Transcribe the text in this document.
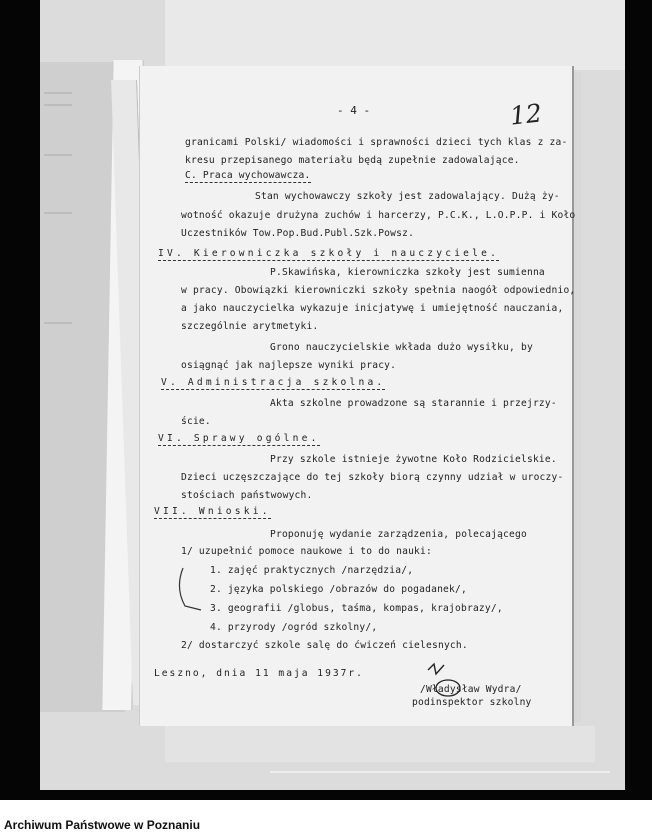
- 4 -	12
granicami Polski/ wiadomości i sprawności dzieci tych klas z za-
kresu przepisanego materiału będą zupełnie zadowalające.
C. Praca wychowawcza.
Stan wychowawczy szkoły jest zadowalający. Dużą ży-
wotność okazuje drużyna zuchów i harcerzy, P.C.K., L.O.P.P. i Koło
Uczestników Tow.Pop.Bud.Publ.Szk.Powsz.
IV. Kierowniczka szkoły i nauczyciele.
P.Skawińska, kierowniczka szkoły jest sumienna
w pracy. Obowiązki kierowniczki szkoły spełnia naogół odpowiednio,
a jako nauczycielka wykazuje inicjatywę i umiejętność nauczania,
szczególnie arytmetyki.
Grono nauczycielskie wkłada dużo wysiłku, by
osiągnąć jak najlepsze wyniki pracy.
V. Administracja szkolna.
Akta szkolne prowadzone są starannie i przejrzy-
ście.
VI. Sprawy ogólne.
Przy szkole istnieje żywotne Koło Rodzicielskie.
Dzieci uczęszczające do tej szkoły biorą czynny udział w uroczy-
stościach państwowych.
VII. Wnioski.
Proponuję wydanie zarządzenia, polecającego
1/ uzupełnić pomoce naukowe i to do nauki:
1. zajęć praktycznych /narzędzia/,
2. języka polskiego /obrazów do pogadanek/,
3. geografii /globus, taśma, kompas, krajobrazy/,
4. przyrody /ogród szkolny/,
2/ dostarczyć szkole salę do ćwiczeń cielesnych.
Leszno, dnia 11 maja 1937r.
/Władysław Wydra/
podinspektor szkolny
Archiwum Państwowe w Poznaniu
